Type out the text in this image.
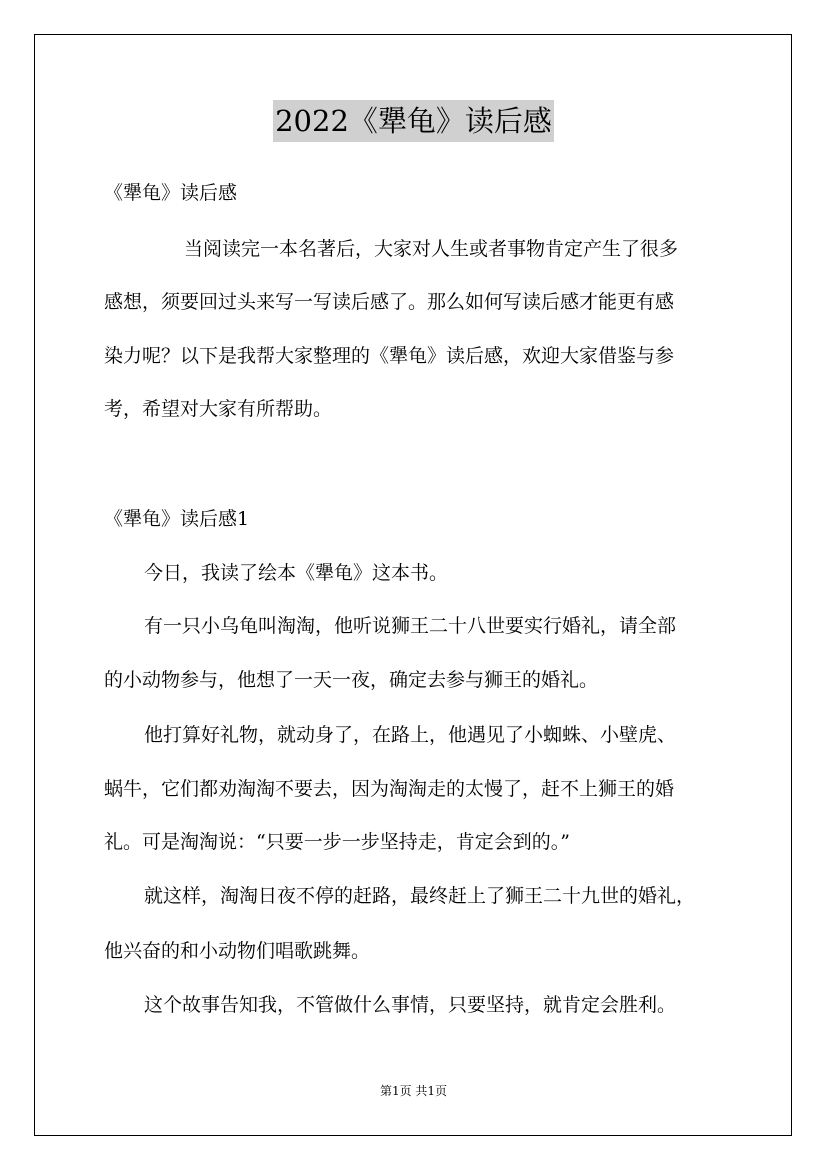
2022《犟龟》读后感
《犟龟》读后感
当阅读完一本名著后，大家对人生或者事物肯定产生了很多
感想，须要回过头来写一写读后感了。那么如何写读后感才能更有感
染力呢？以下是我帮大家整理的《犟龟》读后感，欢迎大家借鉴与参
考，希望对大家有所帮助。
《犟龟》读后感1
今日，我读了绘本《犟龟》这本书。
有一只小乌龟叫淘淘，他听说狮王二十八世要实行婚礼，请全部
的小动物参与，他想了一天一夜，确定去参与狮王的婚礼。
他打算好礼物，就动身了，在路上，他遇见了小蜘蛛、小壁虎、
蜗牛，它们都劝淘淘不要去，因为淘淘走的太慢了，赶不上狮王的婚
礼。可是淘淘说：“只要一步一步坚持走，肯定会到的。”
就这样，淘淘日夜不停的赶路，最终赶上了狮王二十九世的婚礼，
他兴奋的和小动物们唱歌跳舞。
这个故事告知我，不管做什么事情，只要坚持，就肯定会胜利。
第1页 共1页
